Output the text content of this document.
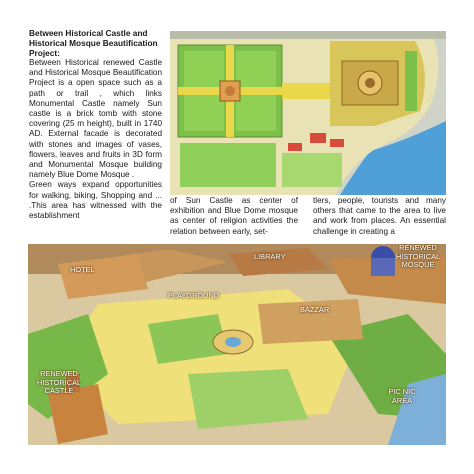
Between Historical Castle and Historical Mosque Beautification Project:

Between Historical renewed Castle and Historical Mosque Beautification Project is a open space such as a path or trail , which links Monumental Castle namely Sun castle is a brick tomb with stone covering (25 m height), built in 1740 AD. External facade is decorated with stones and images of vases, flowers, leaves and fruits in 3D form and Monumental Mosque building namely Blue Dome Mosque .

Green ways expand opportunities for walking, biking, Shopping and ... .This area has witnessed with the establishment

of Sun Castle as center of exhibition and Blue Dome mosque as center of religion activities the relation between early, set-

tlers, people, tourists and many others that came to the area to live and work from places. An essential challenge in creating a

HOTEL
LIBRARY
RENEWED HISTORICAL MOSQUE
PLAYGROUND
BAZZAR
RENEWED HISTORICAL CASTLE	PIC NIC AREA
